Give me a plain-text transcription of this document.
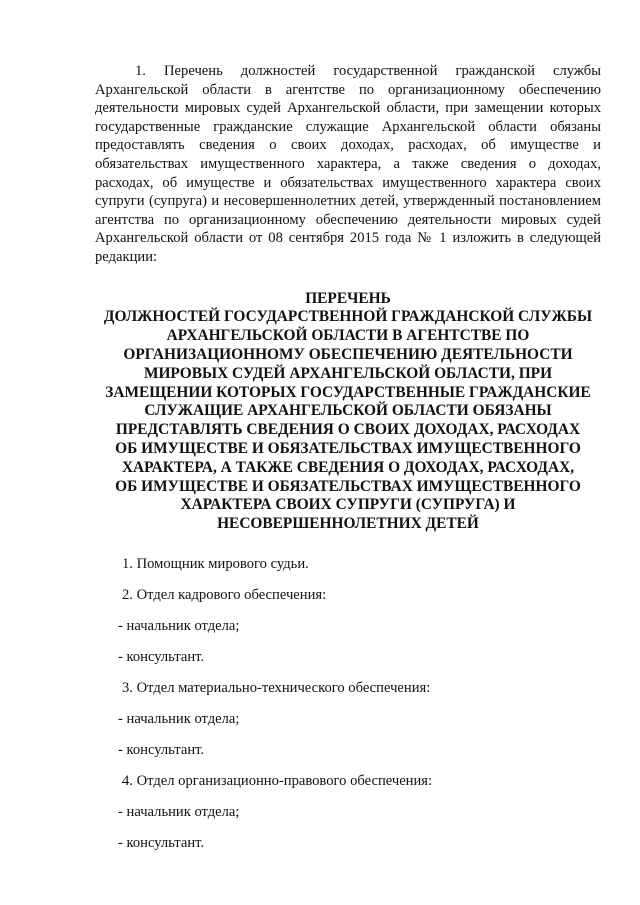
1. Перечень должностей государственной гражданской службы Архангельской области в агентстве по организационному обеспечению деятельности мировых судей Архангельской области, при замещении которых государственные гражданские служащие Архангельской области обязаны предоставлять сведения о своих доходах, расходах, об имуществе и обязательствах имущественного характера, а также сведения о доходах, расходах, об имуществе и обязательствах имущественного характера своих супруги (супруга) и несовершеннолетних детей, утвержденный постановлением агентства по организационному обеспечению деятельности мировых судей Архангельской области от 08 сентября 2015 года № 1 изложить в следующей редакции:

ПЕРЕЧЕНЬ
ДОЛЖНОСТЕЙ ГОСУДАРСТВЕННОЙ ГРАЖДАНСКОЙ СЛУЖБЫ
АРХАНГЕЛЬСКОЙ ОБЛАСТИ В АГЕНТСТВЕ ПО
ОРГАНИЗАЦИОННОМУ ОБЕСПЕЧЕНИЮ ДЕЯТЕЛЬНОСТИ
МИРОВЫХ СУДЕЙ АРХАНГЕЛЬСКОЙ ОБЛАСТИ, ПРИ
ЗАМЕЩЕНИИ КОТОРЫХ ГОСУДАРСТВЕННЫЕ ГРАЖДАНСКИЕ
СЛУЖАЩИЕ АРХАНГЕЛЬСКОЙ ОБЛАСТИ ОБЯЗАНЫ
ПРЕДСТАВЛЯТЬ СВЕДЕНИЯ О СВОИХ ДОХОДАХ, РАСХОДАХ
ОБ ИМУЩЕСТВЕ И ОБЯЗАТЕЛЬСТВАХ ИМУЩЕСТВЕННОГО
ХАРАКТЕРА, А ТАКЖЕ СВЕДЕНИЯ О ДОХОДАХ, РАСХОДАХ,
ОБ ИМУЩЕСТВЕ И ОБЯЗАТЕЛЬСТВАХ ИМУЩЕСТВЕННОГО
ХАРАКТЕРА СВОИХ СУПРУГИ (СУПРУГА) И
НЕСОВЕРШЕННОЛЕТНИХ ДЕТЕЙ
1. Помощник мирового судьи.
2. Отдел кадрового обеспечения:
- начальник отдела;
- консультант.
3. Отдел материально-технического обеспечения:
- начальник отдела;
- консультант.
4. Отдел организационно-правового обеспечения:
- начальник отдела;
- консультант.
